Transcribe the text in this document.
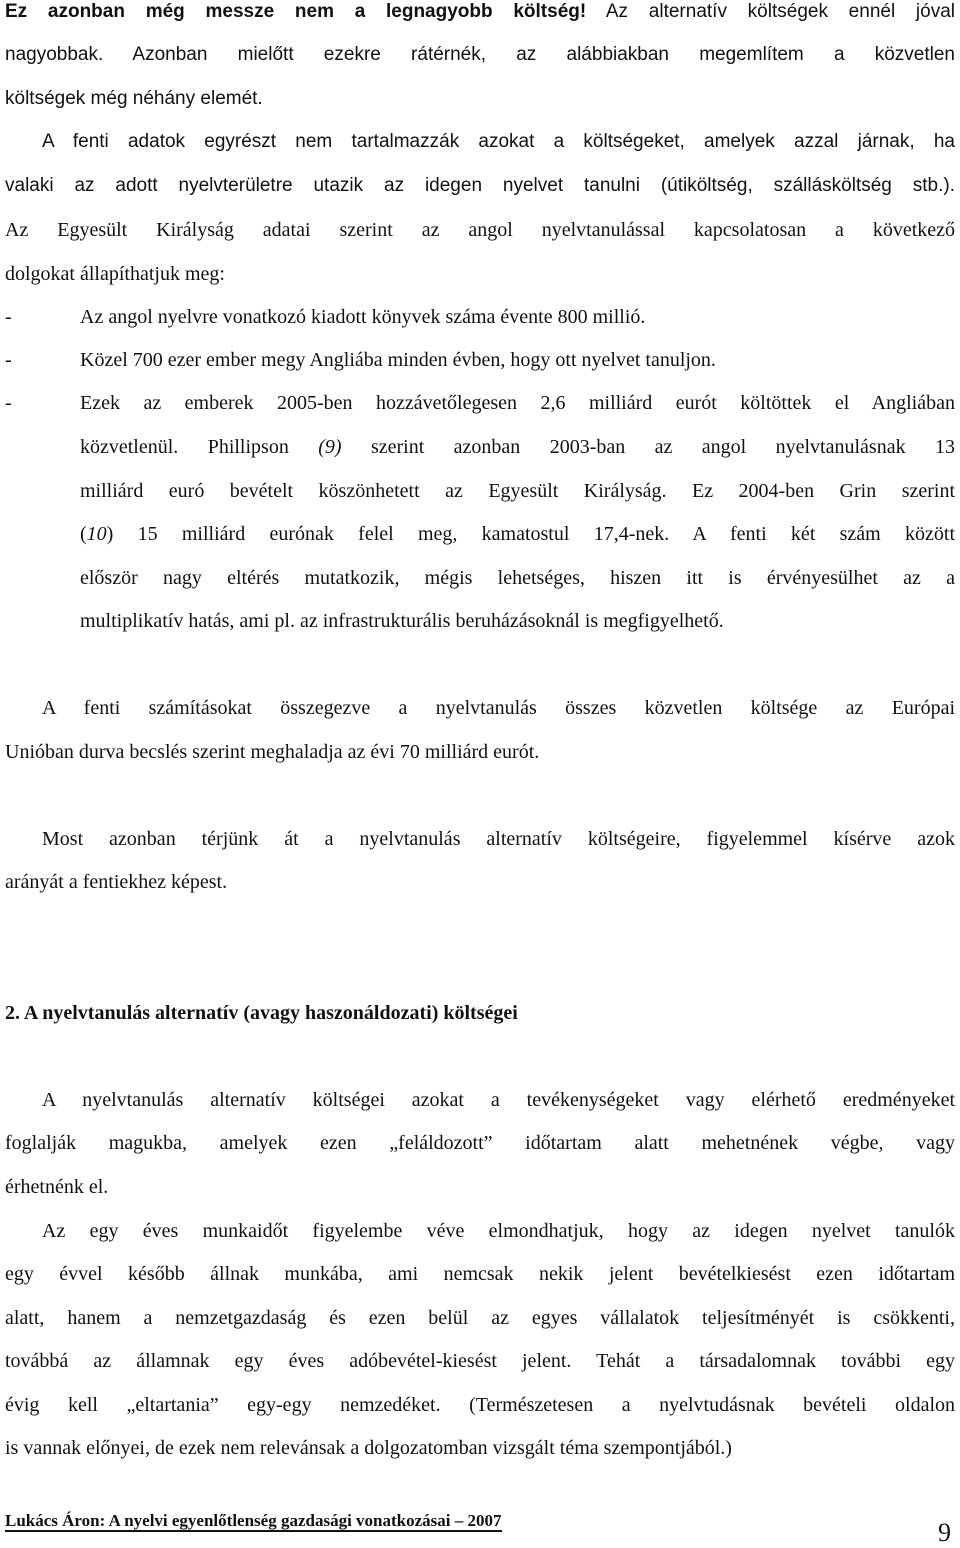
Ez azonban még messze nem a legnagyobb költség! Az alternatív költségek ennél jóval
nagyobbak. Azonban mielőtt ezekre rátérnék, az alábbiakban megemlítem a közvetlen
költségek még néhány elemét.
A fenti adatok egyrészt nem tartalmazzák azokat a költségeket, amelyek azzal járnak, ha
valaki az adott nyelvterületre utazik az idegen nyelvet tanulni (útiköltség, szállásköltség stb.).
Az Egyesült Királyság adatai szerint az angol nyelvtanulással kapcsolatosan a következő
dolgokat állapíthatjuk meg:
-	Az angol nyelvre vonatkozó kiadott könyvek száma évente 800 millió.
-	Közel 700 ezer ember megy Angliába minden évben, hogy ott nyelvet tanuljon.
-	Ezek az emberek 2005-ben hozzávetőlegesen 2,6 milliárd eurót költöttek el Angliában
közvetlenül. Phillipson (9) szerint azonban 2003-ban az angol nyelvtanulásnak 13
milliárd euró bevételt köszönhetett az Egyesült Királyság. Ez 2004-ben Grin szerint
(10) 15 milliárd eurónak felel meg, kamatostul 17,4-nek. A fenti két szám között
először nagy eltérés mutatkozik, mégis lehetséges, hiszen itt is érvényesülhet az a
multiplikatív hatás, ami pl. az infrastrukturális beruházásoknál is megfigyelhető.
A fenti számításokat összegezve a nyelvtanulás összes közvetlen költsége az Európai
Unióban durva becslés szerint meghaladja az évi 70 milliárd eurót.
Most azonban térjünk át a nyelvtanulás alternatív költségeire, figyelemmel kísérve azok
arányát a fentiekhez képest.
2. A nyelvtanulás alternatív (avagy haszonáldozati) költségei
A nyelvtanulás alternatív költségei azokat a tevékenységeket vagy elérhető eredményeket
foglalják magukba, amelyek ezen „feláldozott” időtartam alatt mehetnének végbe, vagy
érhetnénk el.
Az egy éves munkaidőt figyelembe véve elmondhatjuk, hogy az idegen nyelvet tanulók
egy évvel később állnak munkába, ami nemcsak nekik jelent bevételkiesést ezen időtartam
alatt, hanem a nemzetgazdaság és ezen belül az egyes vállalatok teljesítményét is csökkenti,
továbbá az államnak egy éves adóbevétel-kiesést jelent. Tehát a társadalomnak további egy
évig kell „eltartania” egy-egy nemzedéket. (Természetesen a nyelvtudásnak bevételi oldalon
is vannak előnyei, de ezek nem relevánsak a dolgozatomban vizsgált téma szempontjából.)
Lukács Áron: A nyelvi egyenlőtlenség gazdasági vonatkozásai – 2007	9
